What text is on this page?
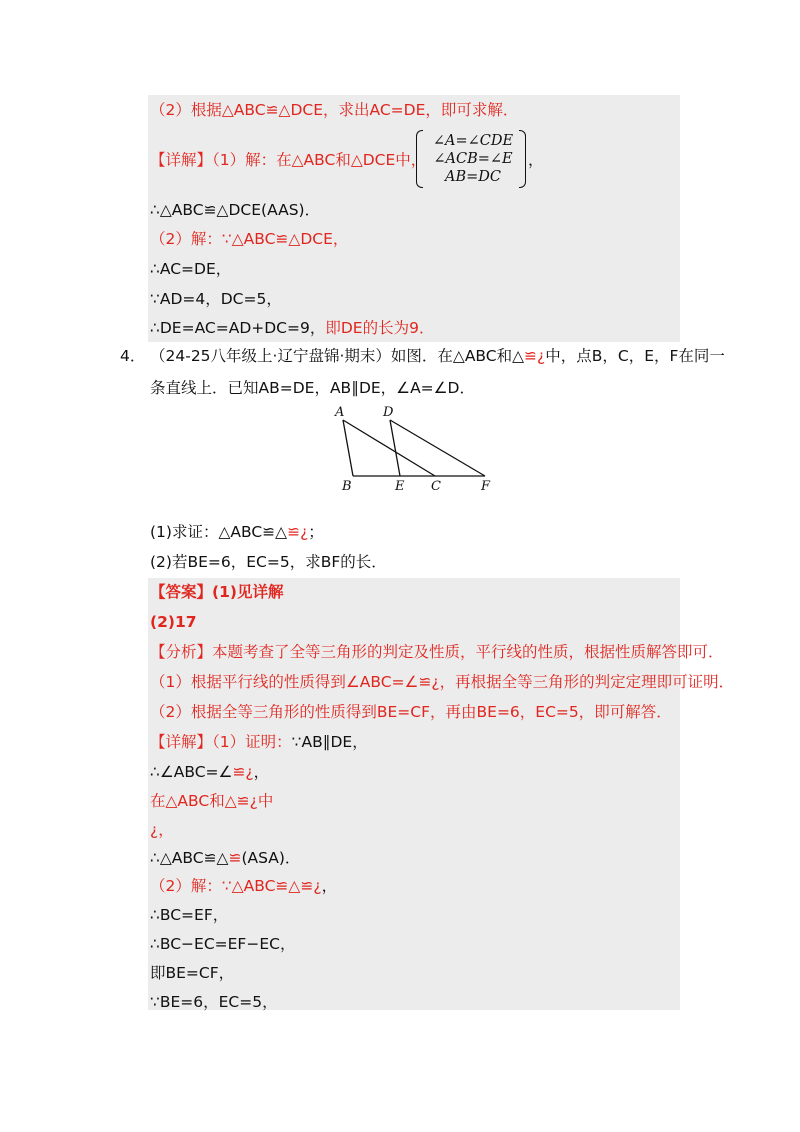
（2）根据△ABC≌△DCE，求出AC=DE，即可求解．
【详解】（1）解：在△ABC和△DCE中，
∠A=∠CDE
∠ACB=∠E
AB=DC
，
∴△ABC≌△DCE(AAS)．
（2）解：∵△ABC≌△DCE，
∴AC=DE，
∵AD=4，DC=5，
∴DE=AC=AD+DC=9，即DE的长为9．
4． （24-25八年级上·辽宁盘锦·期末）如图．在△ABC和△≌¿中，点B，C，E，F在同一
条直线上．已知AB=DE，AB∥DE，∠A=∠D．
A	D
B	E C	F
(1)求证：△ABC≌△≌¿；
(2)若BE=6，EC=5，求BF的长．
【答案】(1)见详解
(2)17
【分析】本题考查了全等三角形的判定及性质，平行线的性质，根据性质解答即可．
（1）根据平行线的性质得到∠ABC=∠≌¿，再根据全等三角形的判定定理即可证明．
（2）根据全等三角形的性质得到BE=CF，再由BE=6，EC=5，即可解答．
【详解】（1）证明：∵AB∥DE，
∴∠ABC=∠≌¿，
在△ABC和△≌¿中
¿，
∴△ABC≌△≌(ASA)．
（2）解：∵△ABC≌△≌¿，
∴BC=EF，
∴BC−EC=EF−EC，
即BE=CF，
∵BE=6，EC=5，
